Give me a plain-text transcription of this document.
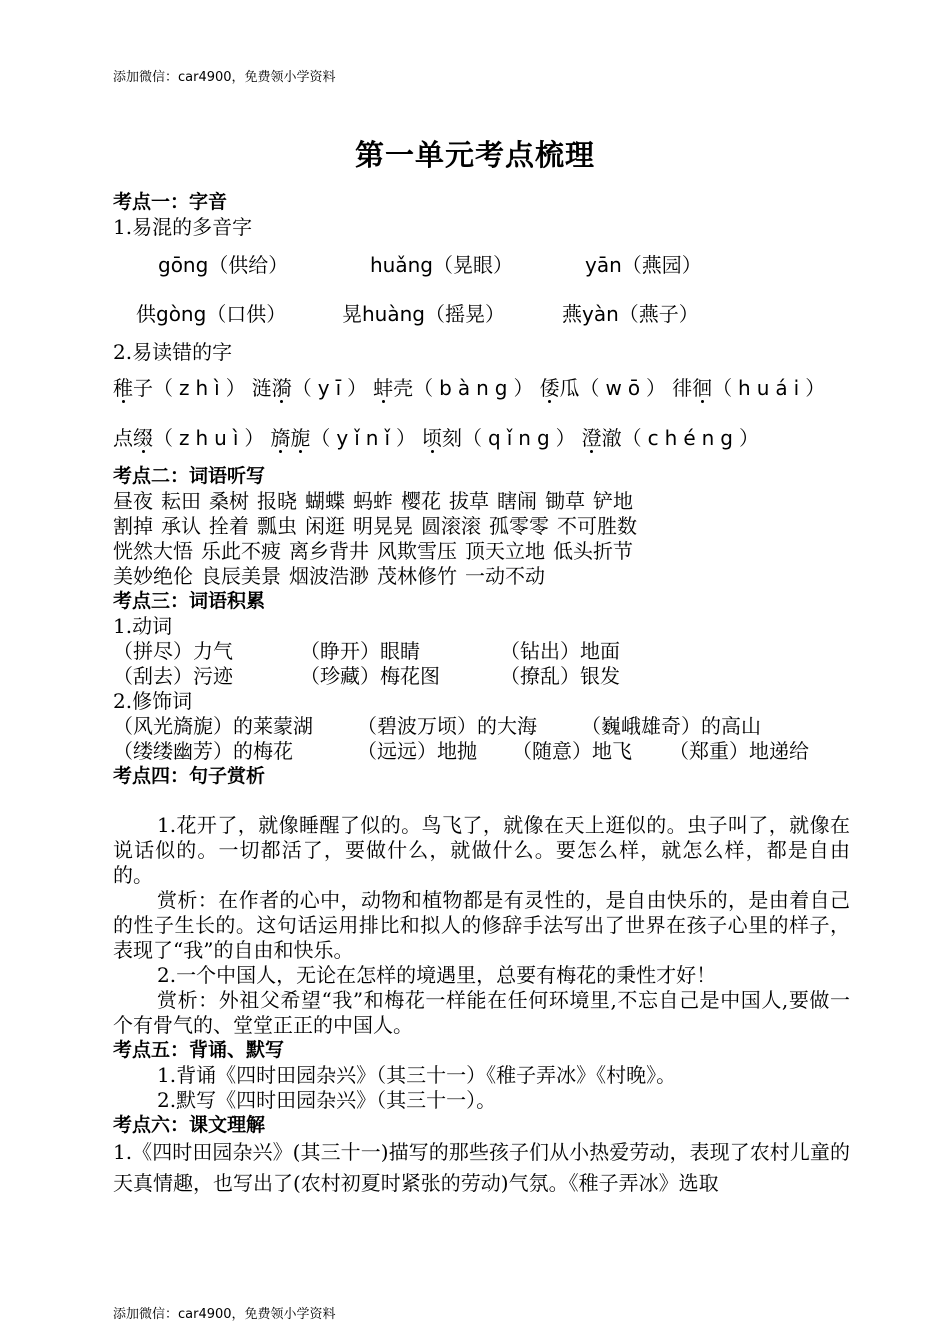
添加微信：car4900，免费领小学资料
第一单元考点梳理
考点一：字音
1.易混的多音字
gōng（供给）	huǎng（晃眼）	yān（燕园）
供gòng（口供）	晃huàng（摇晃）	燕yàn（燕子）
2.易读错的字
稚子（zhì）涟漪（yī）蚌壳（bàng）倭瓜（wō）徘徊（huái）
点缀（zhuì）旖旎（yǐnǐ）顷刻（qǐng）澄澈（chéng）
考点二：词语听写
昼夜 耘田 桑树 报晓 蝴蝶 蚂蚱 樱花 拔草 瞎闹 锄草 铲地
割掉 承认 拴着 瓢虫 闲逛 明晃晃 圆滚滚 孤零零 不可胜数
恍然大悟 乐此不疲 离乡背井 风欺雪压 顶天立地 低头折节
美妙绝伦 良辰美景 烟波浩渺 茂林修竹 一动不动
考点三：词语积累
1.动词
（拼尽）力气	（睁开）眼睛	（钻出）地面
（刮去）污迹	（珍藏）梅花图	（撩乱）银发
2.修饰词
（风光旖旎）的莱蒙湖 （碧波万顷）的大海 （巍峨雄奇）的高山
（缕缕幽芳）的梅花	（远远）地抛 （随意）地飞 （郑重）地递给
考点四：句子赏析
1.花开了，就像睡醒了似的。鸟飞了，就像在天上逛似的。虫子叫了，就像在说话似的。一切都活了，要做什么，就做什么。要怎么样，就怎么样，都是自由的。
赏析：在作者的心中，动物和植物都是有灵性的，是自由快乐的，是由着自己的性子生长的。这句话运用排比和拟人的修辞手法写出了世界在孩子心里的样子，表现了“我”的自由和快乐。
2.一个中国人，无论在怎样的境遇里，总要有梅花的秉性才好！
赏析：外祖父希望“我”和梅花一样能在任何环境里,不忘自己是中国人,要做一个有骨气的、堂堂正正的中国人。
考点五：背诵、默写
1.背诵《四时田园杂兴》（其三十一）《稚子弄冰》《村晚》。
2.默写《四时田园杂兴》（其三十一）。
考点六：课文理解
1.《四时田园杂兴》(其三十一)描写的那些孩子们从小热爱劳动，表现了农村儿童的天真情趣，也写出了(农村初夏时紧张的劳动)气氛。《稚子弄冰》选取
添加微信：car4900，免费领小学资料
